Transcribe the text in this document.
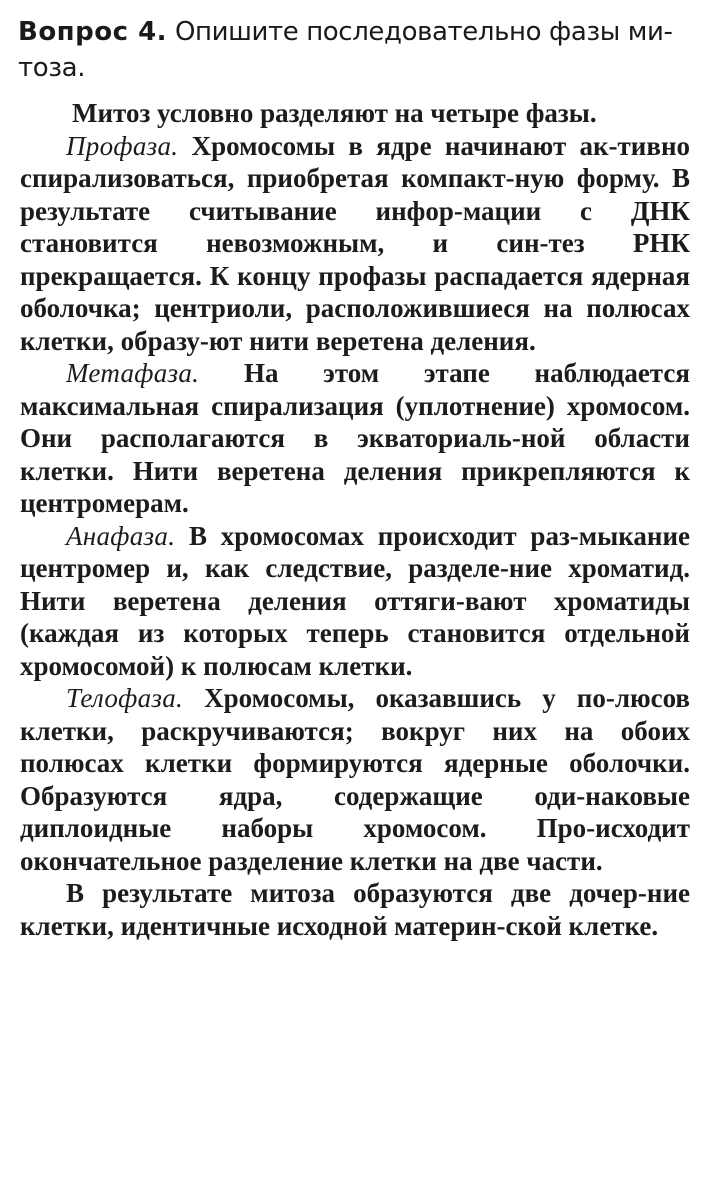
Вопрос 4. Опишите последовательно фазы ми-
тоза.

Митоз условно разделяют на четыре фазы.

Профаза. Хромосомы в ядре начинают ак-тивно спирализоваться, приобретая компакт-ную форму. В результате считывание инфор-мации с ДНК становится невозможным, и син-тез РНК прекращается. К концу профазы распадается ядерная оболочка; центриоли, расположившиеся на полюсах клетки, образу-ют нити веретена деления.

Метафаза. На этом этапе наблюдается максимальная спирализация (уплотнение) хромосом. Они располагаются в экваториаль-ной области клетки. Нити веретена деления прикрепляются к центромерам.

Анафаза. В хромосомах происходит раз-мыкание центромер и, как следствие, разделе-ние хроматид. Нити веретена деления оттяги-вают хроматиды (каждая из которых теперь становится отдельной хромосомой) к полюсам клетки.

Телофаза. Хромосомы, оказавшись у по-люсов клетки, раскручиваются; вокруг них на обоих полюсах клетки формируются ядерные оболочки. Образуются ядра, содержащие оди-наковые диплоидные наборы хромосом. Про-исходит окончательное разделение клетки на две части.

В результате митоза образуются две дочер-ние клетки, идентичные исходной материн-ской клетке.
